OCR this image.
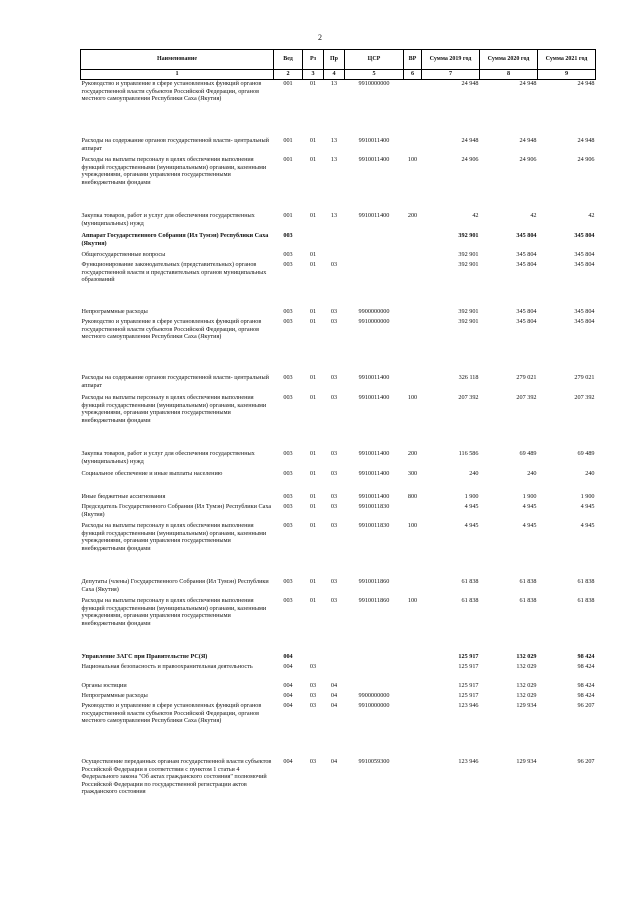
2
Наименование	Вед	Рз	Пр	ЦСР	ВР	Сумма 2019 год	Сумма 2020 год	Сумма 2021 год
1	2	3	4	5	6	7	8	9
Руководство и управление в сфере установленных функций органов государственной власти субъектов Российской Федерации, органов местного самоуправления Республики Саха (Якутия)	001	01	13	9910000000		24 948	24 948	24 948
Расходы на содержание органов государственной власти- центральный аппарат	001	01	13	9910011400		24 948	24 948	24 948
Расходы на выплаты персоналу в целях обеспечения выполнения функций государственными (муниципальными) органами, казенными учреждениями, органами управления государственными внебюджетными фондами	001	01	13	9910011400	100	24 906	24 906	24 906
Закупка товаров, работ и услуг для обеспечения государственных (муниципальных) нужд	001	01	13	9910011400	200	42	42	42
Аппарат Государственного Собрания (Ил Тумэн) Республики Саха (Якутия)	003					392 901	345 804	345 804
Общегосударственные вопросы	003	01				392 901	345 804	345 804
Функционирование законодательных (представительных) органов государственной власти и представительных органов муниципальных образований	003	01	03			392 901	345 804	345 804
Непрограммные расходы	003	01	03	9900000000		392 901	345 804	345 804
Руководство и управление в сфере установленных функций органов государственной власти субъектов Российской Федерации, органов местного самоуправления Республики Саха (Якутия)	003	01	03	9910000000		392 901	345 804	345 804
Расходы на содержание органов государственной власти- центральный аппарат	003	01	03	9910011400		326 118	279 021	279 021
Расходы на выплаты персоналу в целях обеспечения выполнения функций государственными (муниципальными) органами, казенными учреждениями, органами управления государственными внебюджетными фондами	003	01	03	9910011400	100	207 392	207 392	207 392
Закупка товаров, работ и услуг для обеспечения государственных (муниципальных) нужд	003	01	03	9910011400	200	116 586	69 489	69 489
Социальное обеспечение и иные выплаты населению	003	01	03	9910011400	300	240	240	240
Иные бюджетные ассигнования	003	01	03	9910011400	800	1 900	1 900	1 900
Председатель Государственного Собрания (Ил Тумэн) Республики Саха (Якутия)	003	01	03	9910011830		4 945	4 945	4 945
Расходы на выплаты персоналу в целях обеспечения выполнения функций государственными (муниципальными) органами, казенными учреждениями, органами управления государственными внебюджетными фондами	003	01	03	9910011830	100	4 945	4 945	4 945
Депутаты (члены) Государственного Собрания (Ил Тумэн) Республики Саха (Якутия)	003	01	03	9910011860		61 838	61 838	61 838
Расходы на выплаты персоналу в целях обеспечения выполнения функций государственными (муниципальными) органами, казенными учреждениями, органами управления государственными внебюджетными фондами	003	01	03	9910011860	100	61 838	61 838	61 838
Управление ЗАГС при Правительстве РС(Я)	004					125 917	132 029	98 424
Национальная безопасность и правоохранительная деятельность	004	03				125 917	132 029	98 424
Органы юстиции	004	03	04			125 917	132 029	98 424
Непрограммные расходы	004	03	04	9900000000		125 917	132 029	98 424
Руководство и управление в сфере установленных функций органов государственной власти субъектов Российской Федерации, органов местного самоуправления Республики Саха (Якутия)	004	03	04	9910000000		123 946	129 934	96 207
Осуществление переданных органам государственной власти субъектов Российской Федерации в соответствии с пунктом 1 статьи 4 Федерального закона "Об актах гражданского состояния" полномочий Российской Федерации по государственной регистрации актов гражданского состояния	004	03	04	9910059300		123 946	129 934	96 207
